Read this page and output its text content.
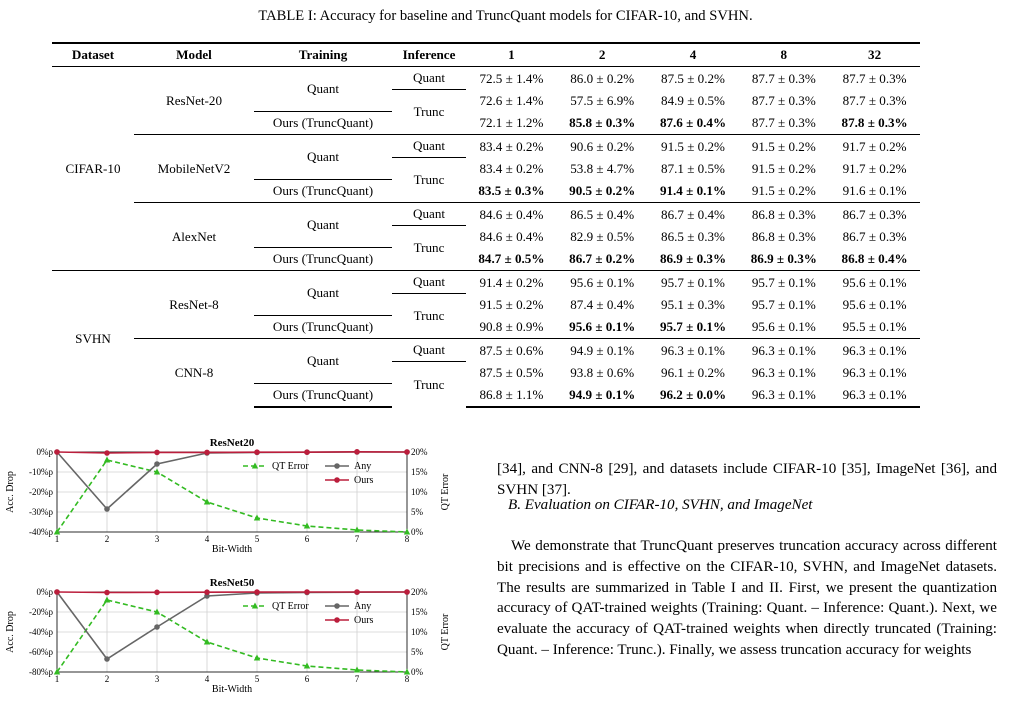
TABLE I: Accuracy for baseline and TruncQuant models for CIFAR-10, and SVHN.
Dataset	Model	Training	Inference	1	2	4	8	32
CIFAR-10	ResNet-20	Quant	Quant	72.5 ± 1.4%	86.0 ± 0.2%	87.5 ± 0.2%	87.7 ± 0.3%	87.7 ± 0.3%
			Trunc	72.6 ± 1.4%	57.5 ± 6.9%	84.9 ± 0.5%	87.7 ± 0.3%	87.7 ± 0.3%
		Ours (TruncQuant)		72.1 ± 1.2%	85.8 ± 0.3%	87.6 ± 0.4%	87.7 ± 0.3%	87.8 ± 0.3%
	MobileNetV2	Quant	Quant	83.4 ± 0.2%	90.6 ± 0.2%	91.5 ± 0.2%	91.5 ± 0.2%	91.7 ± 0.2%
			Trunc	83.4 ± 0.2%	53.8 ± 4.7%	87.1 ± 0.5%	91.5 ± 0.2%	91.7 ± 0.2%
		Ours (TruncQuant)		83.5 ± 0.3%	90.5 ± 0.2%	91.4 ± 0.1%	91.5 ± 0.2%	91.6 ± 0.1%
	AlexNet	Quant	Quant	84.6 ± 0.4%	86.5 ± 0.4%	86.7 ± 0.4%	86.8 ± 0.3%	86.7 ± 0.3%
			Trunc	84.6 ± 0.4%	82.9 ± 0.5%	86.5 ± 0.3%	86.8 ± 0.3%	86.7 ± 0.3%
		Ours (TruncQuant)		84.7 ± 0.5%	86.7 ± 0.2%	86.9 ± 0.3%	86.9 ± 0.3%	86.8 ± 0.4%
SVHN	ResNet-8	Quant	Quant	91.4 ± 0.2%	95.6 ± 0.1%	95.7 ± 0.1%	95.7 ± 0.1%	95.6 ± 0.1%
			Trunc	91.5 ± 0.2%	87.4 ± 0.4%	95.1 ± 0.3%	95.7 ± 0.1%	95.6 ± 0.1%
		Ours (TruncQuant)		90.8 ± 0.9%	95.6 ± 0.1%	95.7 ± 0.1%	95.6 ± 0.1%	95.5 ± 0.1%
	CNN-8	Quant	Quant	87.5 ± 0.6%	94.9 ± 0.1%	96.3 ± 0.1%	96.3 ± 0.1%	96.3 ± 0.1%
			Trunc	87.5 ± 0.5%	93.8 ± 0.6%	96.1 ± 0.2%	96.3 ± 0.1%	96.3 ± 0.1%
		Ours (TruncQuant)		86.8 ± 1.1%	94.9 ± 0.1%	96.2 ± 0.0%	96.3 ± 0.1%	96.3 ± 0.1%
ResNet20
0%p
-10%p
-20%p
-30%p
-40%p
20%
15%
10%
5%
0%
1	2	3	4	5	6	7	8
Bit-Width
Acc. Drop	QT Error
QT Error	Any
Ours
ResNet50
0%p
-20%p
-40%p
-60%p
-80%p
20%
15%
10%
5%
0%
1	2	3	4	5	6	7	8
Bit-Width
Acc. Drop	QT Error
QT Error	Any
Ours

[34], and CNN-8 [29], and datasets include CIFAR-10 [35], ImageNet [36], and SVHN [37].

B. Evaluation on CIFAR-10, SVHN, and ImageNet

We demonstrate that TruncQuant preserves truncation accuracy across different bit precisions and is effective on the CIFAR-10, SVHN, and ImageNet datasets. The results are summarized in Table I and II. First, we present the quantization accuracy of QAT-trained weights (Training: Quant. – Inference: Quant.). Next, we evaluate the accuracy of QAT-trained weights when directly truncated (Training: Quant. – Inference: Trunc.). Finally, we assess truncation accuracy for weights
